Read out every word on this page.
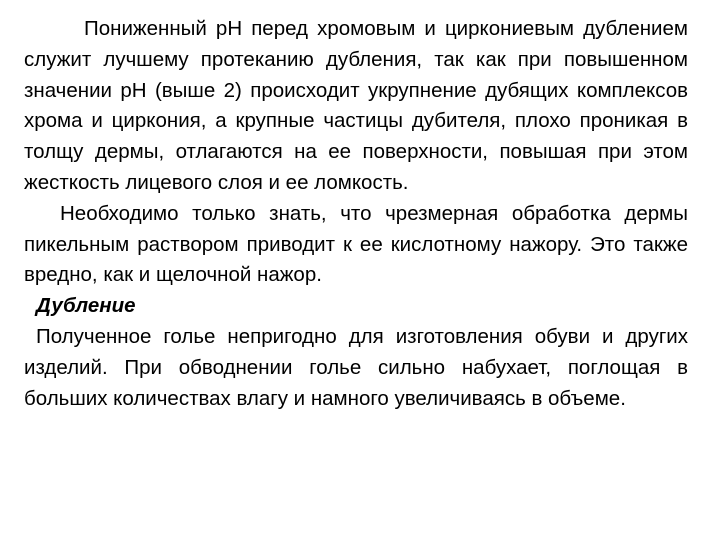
Пониженный рН перед хромовым и циркониевым дублением служит лучшему протеканию дубления, так как при повышенном значении рН (выше 2) происходит укрупнение дубящих комплексов хрома и циркония, а крупные частицы дубителя, плохо проникая в толщу дермы, отлагаются на ее поверхности, повышая при этом жесткость лицевого слоя и ее ломкость.

Необходимо только знать, что чрезмерная обработка дермы пикельным раствором приводит к ее кислотному нажору. Это также вредно, как и щелочной нажор.

Дубление

Полученное голье непригодно для изготовления обуви и других изделий. При обводнении голье сильно набухает, поглощая в больших количествах влагу и намного увеличиваясь в объеме.
